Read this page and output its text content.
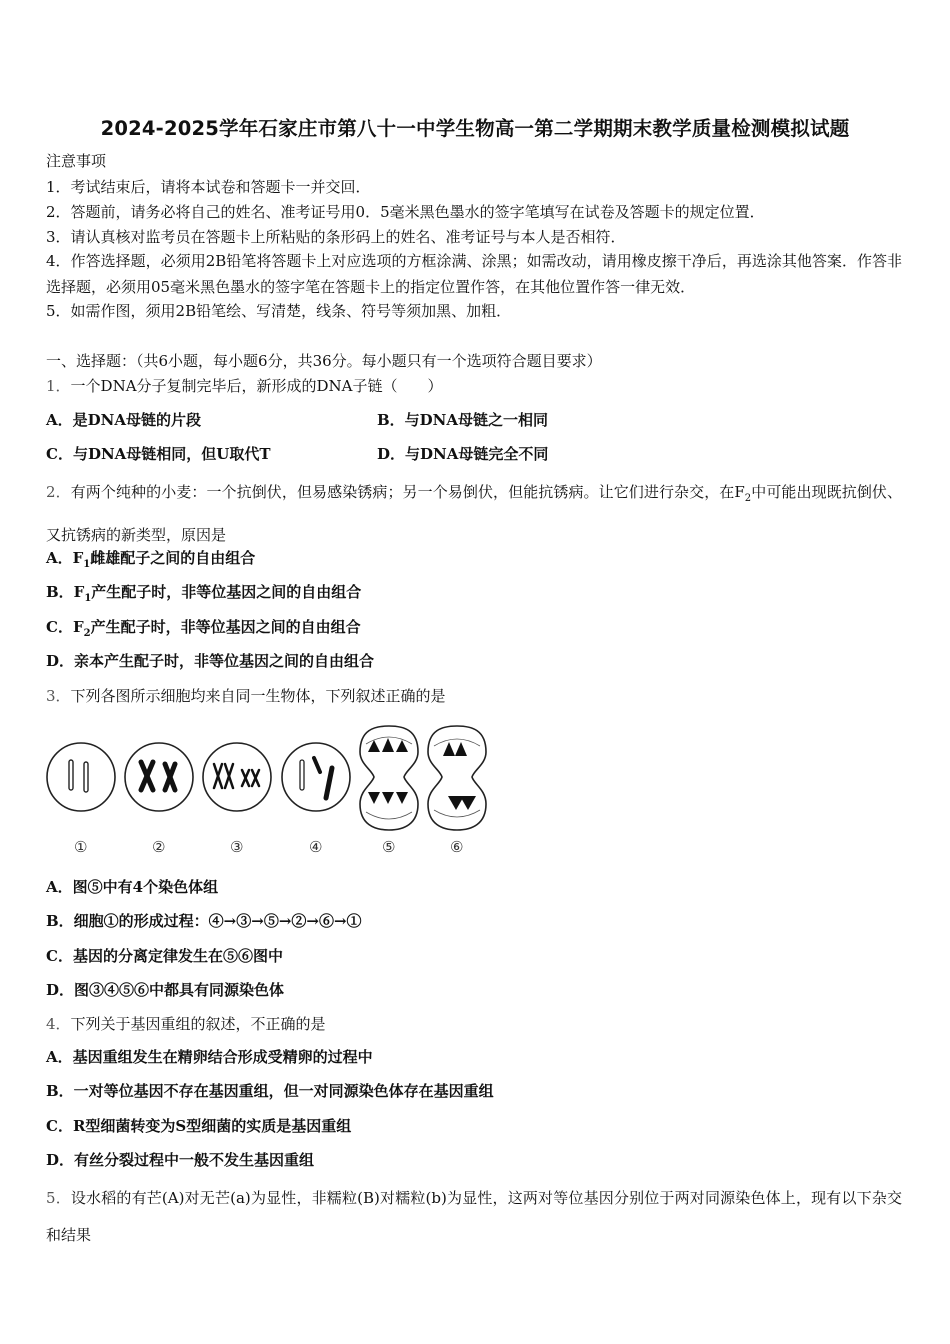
2024-2025学年石家庄市第八十一中学生物高一第二学期期末教学质量检测模拟试题
注意事项
1．考试结束后，请将本试卷和答题卡一并交回．
2．答题前，请务必将自己的姓名、准考证号用0．5毫米黑色墨水的签字笔填写在试卷及答题卡的规定位置．
3．请认真核对监考员在答题卡上所粘贴的条形码上的姓名、准考证号与本人是否相符．
4．作答选择题，必须用2B铅笔将答题卡上对应选项的方框涂满、涂黑；如需改动，请用橡皮擦干净后，再选涂其他答案．作答非选择题，必须用05毫米黑色墨水的签字笔在答题卡上的指定位置作答，在其他位置作答一律无效．
5．如需作图，须用2B铅笔绘、写清楚，线条、符号等须加黑、加粗．
一、选择题：（共6小题，每小题6分，共36分。每小题只有一个选项符合题目要求）
1．一个DNA分子复制完毕后，新形成的DNA子链（　　）
A．是DNA母链的片段	B．与DNA母链之一相同
C．与DNA母链相同，但U取代T	D．与DNA母链完全不同
2．有两个纯种的小麦：一个抗倒伏，但易感染锈病；另一个易倒伏，但能抗锈病。让它们进行杂交，在$F_2$中可能出现既抗倒伏、又抗锈病的新类型，原因是
A．$F_1$雌雄配子之间的自由组合
B．$F_1$产生配子时，非等位基因之间的自由组合
C．$F_2$产生配子时，非等位基因之间的自由组合
D．亲本产生配子时，非等位基因之间的自由组合
3．下列各图所示细胞均来自同一生物体，下列叙述正确的是
①	②	③	④	⑤	⑥
A．图⑤中有4个染色体组
B．细胞①的形成过程：④→③→⑤→②→⑥→①
C．基因的分离定律发生在⑤⑥图中
D．图③④⑤⑥中都具有同源染色体
4．下列关于基因重组的叙述，不正确的是
A．基因重组发生在精卵结合形成受精卵的过程中
B．一对等位基因不存在基因重组，但一对同源染色体存在基因重组
C．R型细菌转变为S型细菌的实质是基因重组
D．有丝分裂过程中一般不发生基因重组
5．设水稻的有芒(A)对无芒(a)为显性，非糯粒(B)对糯粒(b)为显性，这两对等位基因分别位于两对同源染色体上，现有以下杂交和结果
